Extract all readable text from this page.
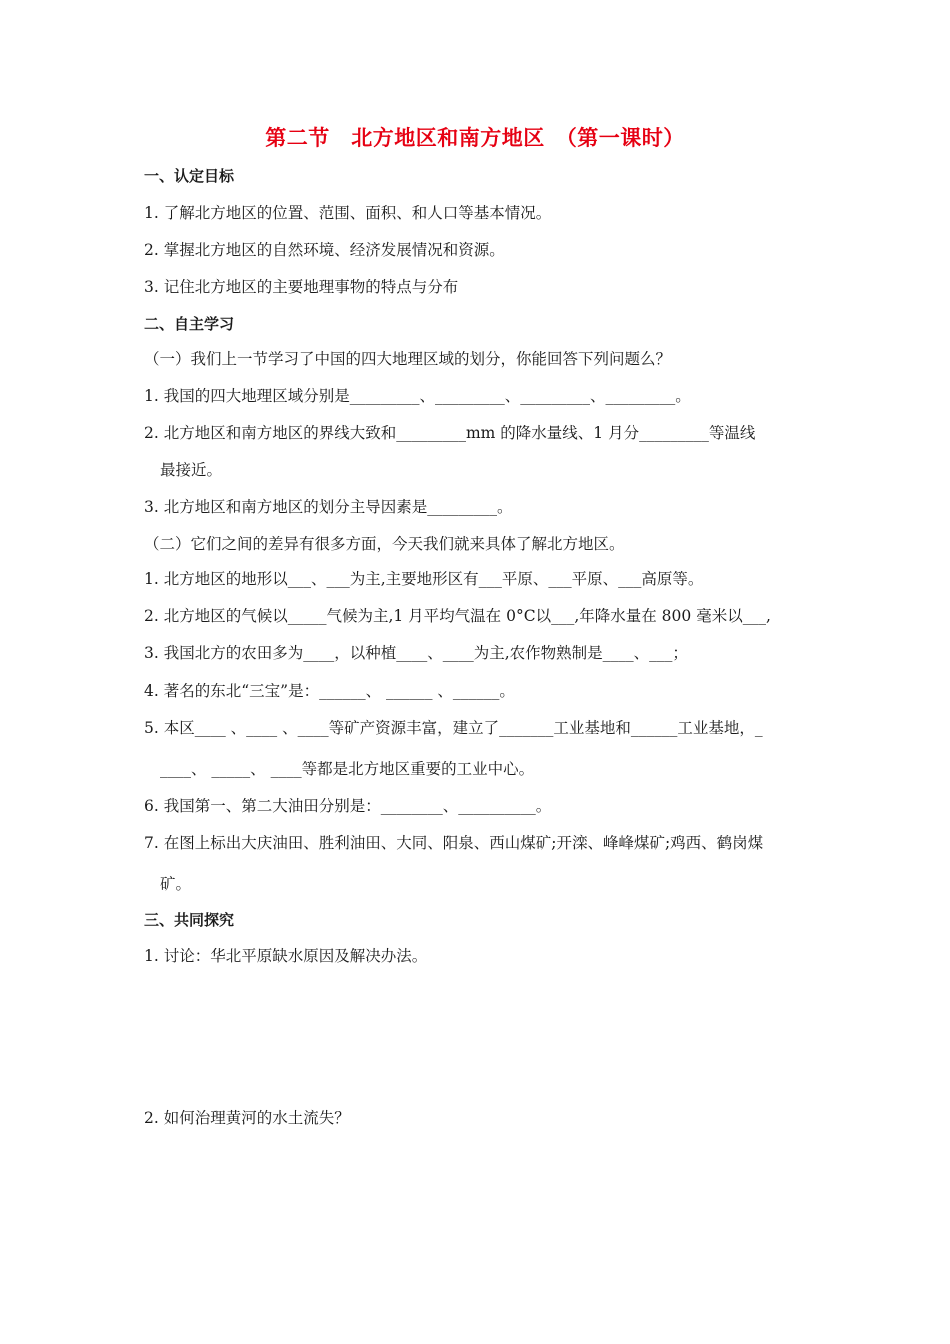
第二节　北方地区和南方地区　（第一课时）
一、认定目标
1. 了解北方地区的位置、范围、面积、和人口等基本情况。
2. 掌握北方地区的自然环境、经济发展情况和资源。
3. 记住北方地区的主要地理事物的特点与分布
二、自主学习
（一）我们上一节学习了中国的四大地理区域的划分，你能回答下列问题么？
1. 我国的四大地理区域分别是_________、_________、_________、_________。
2. 北方地区和南方地区的界线大致和_________mm 的降水量线、1 月分_________等温线
最接近。
3. 北方地区和南方地区的划分主导因素是_________。
（二）它们之间的差异有很多方面，今天我们就来具体了解北方地区。
1. 北方地区的地形以___、___为主,主要地形区有___平原、___平原、___高原等。
2. 北方地区的气候以_____气候为主,1 月平均气温在 0°C以___,年降水量在 800 毫米以___,
3. 我国北方的农田多为____，以种植____、____为主,农作物熟制是____、___；
4. 著名的东北“三宝”是：______、 ______ 、______。
5. 本区____ 、____ 、____等矿产资源丰富，建立了_______工业基地和______工业基地，_
____、 _____、 ____等都是北方地区重要的工业中心。
6. 我国第一、第二大油田分别是：________、__________。
7. 在图上标出大庆油田、胜利油田、大同、阳泉、西山煤矿;开滦、峰峰煤矿;鸡西、鹤岗煤
矿。
三、共同探究
1. 讨论：华北平原缺水原因及解决办法。
2. 如何治理黄河的水土流失？
